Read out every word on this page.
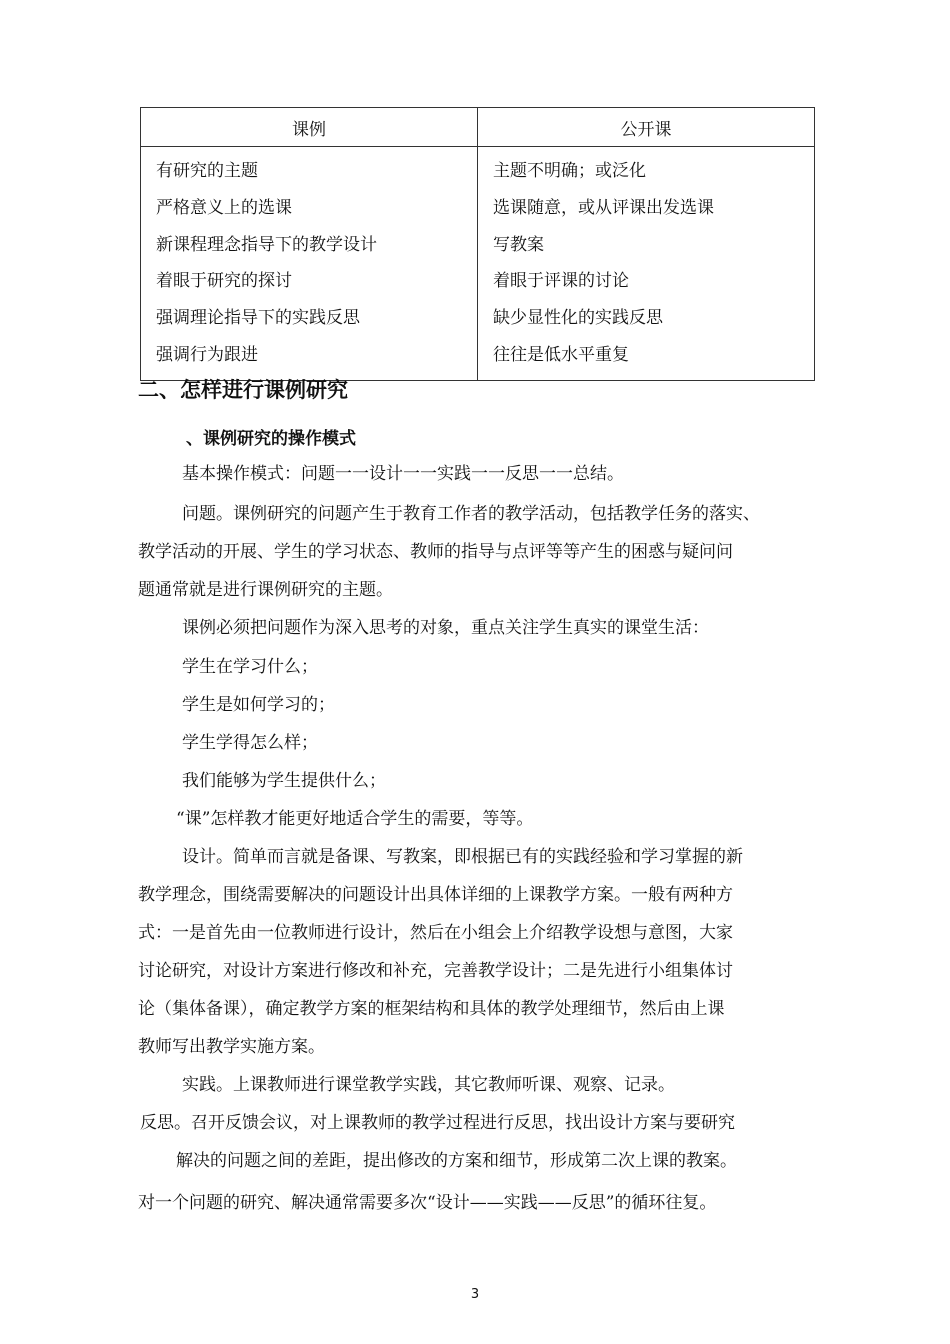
课例	公开课
有研究的主题
严格意义上的选课
新课程理念指导下的教学设计
着眼于研究的探讨
强调理论指导下的实践反思
强调行为跟进
主题不明确；或泛化
选课随意，或从评课出发选课
写教案
着眼于评课的讨论
缺少显性化的实践反思
往往是低水平重复
二、怎样进行课例研究
、课例研究的操作模式
基本操作模式：问题一一设计一一实践一一反思一一总结。
问题。课例研究的问题产生于教育工作者的教学活动，包括教学任务的落实、
教学活动的开展、学生的学习状态、教师的指导与点评等等产生的困惑与疑问问
题通常就是进行课例研究的主题。
课例必须把问题作为深入思考的对象，重点关注学生真实的课堂生活：
学生在学习什么；
学生是如何学习的；
学生学得怎么样；
我们能够为学生提供什么；
“课”怎样教才能更好地适合学生的需要，等等。
设计。简单而言就是备课、写教案，即根据已有的实践经验和学习掌握的新
教学理念，围绕需要解决的问题设计出具体详细的上课教学方案。一般有两种方
式：一是首先由一位教师进行设计，然后在小组会上介绍教学设想与意图，大家
讨论研究，对设计方案进行修改和补充，完善教学设计；二是先进行小组集体讨
论（集体备课），确定教学方案的框架结构和具体的教学处理细节，然后由上课
教师写出教学实施方案。
实践。上课教师进行课堂教学实践，其它教师听课、观察、记录。
反思。召开反馈会议，对上课教师的教学过程进行反思，找出设计方案与要研究
解决的问题之间的差距，提出修改的方案和细节，形成第二次上课的教案。
对一个问题的研究、解决通常需要多次“设计——实践——反思”的循环往复。
3
